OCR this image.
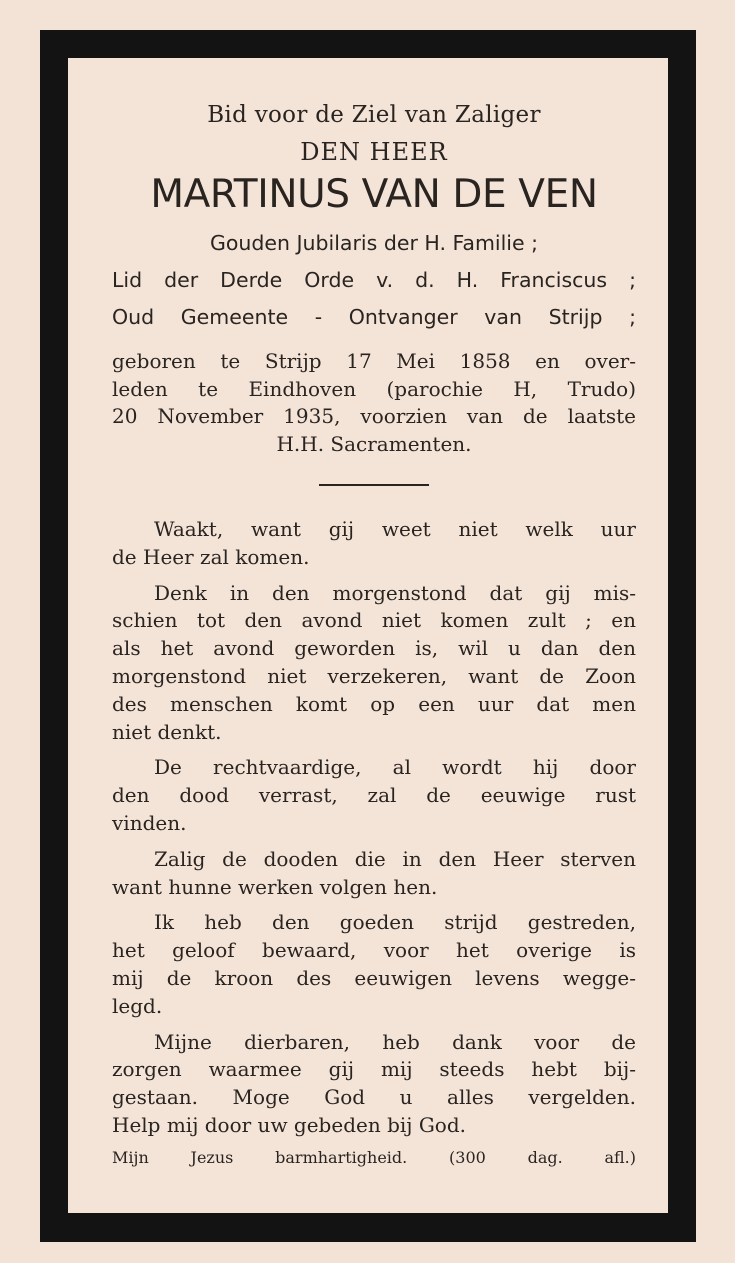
Bid voor de Ziel van Zaliger
DEN HEER
MARTINUS VAN DE VEN
Gouden Jubilaris der H. Familie ;
Lid der Derde Orde v. d. H. Franciscus ;
Oud Gemeente - Ontvanger van Strijp ;
geboren te Strijp 17 Mei 1858 en over-
leden te Eindhoven (parochie H, Trudo)
20 November 1935, voorzien van de laatste
H.H. Sacramenten.
Waakt, want gij weet niet welk uur
de Heer zal komen.
Denk in den morgenstond dat gij mis-
schien tot den avond niet komen zult ; en
als het avond geworden is, wil u dan den
morgenstond niet verzekeren, want de Zoon
des menschen komt op een uur dat men
niet denkt.
De rechtvaardige, al wordt hij door
den dood verrast, zal de eeuwige rust
vinden.
Zalig de dooden die in den Heer sterven
want hunne werken volgen hen.
Ik heb den goeden strijd gestreden,
het geloof bewaard, voor het overige is
mij de kroon des eeuwigen levens wegge-
legd.
Mijne dierbaren, heb dank voor de
zorgen waarmee gij mij steeds hebt bij-
gestaan. Moge God u alles vergelden.
Help mij door uw gebeden bij God.
Mijn Jezus barmhartigheid. (300 dag. afl.)
